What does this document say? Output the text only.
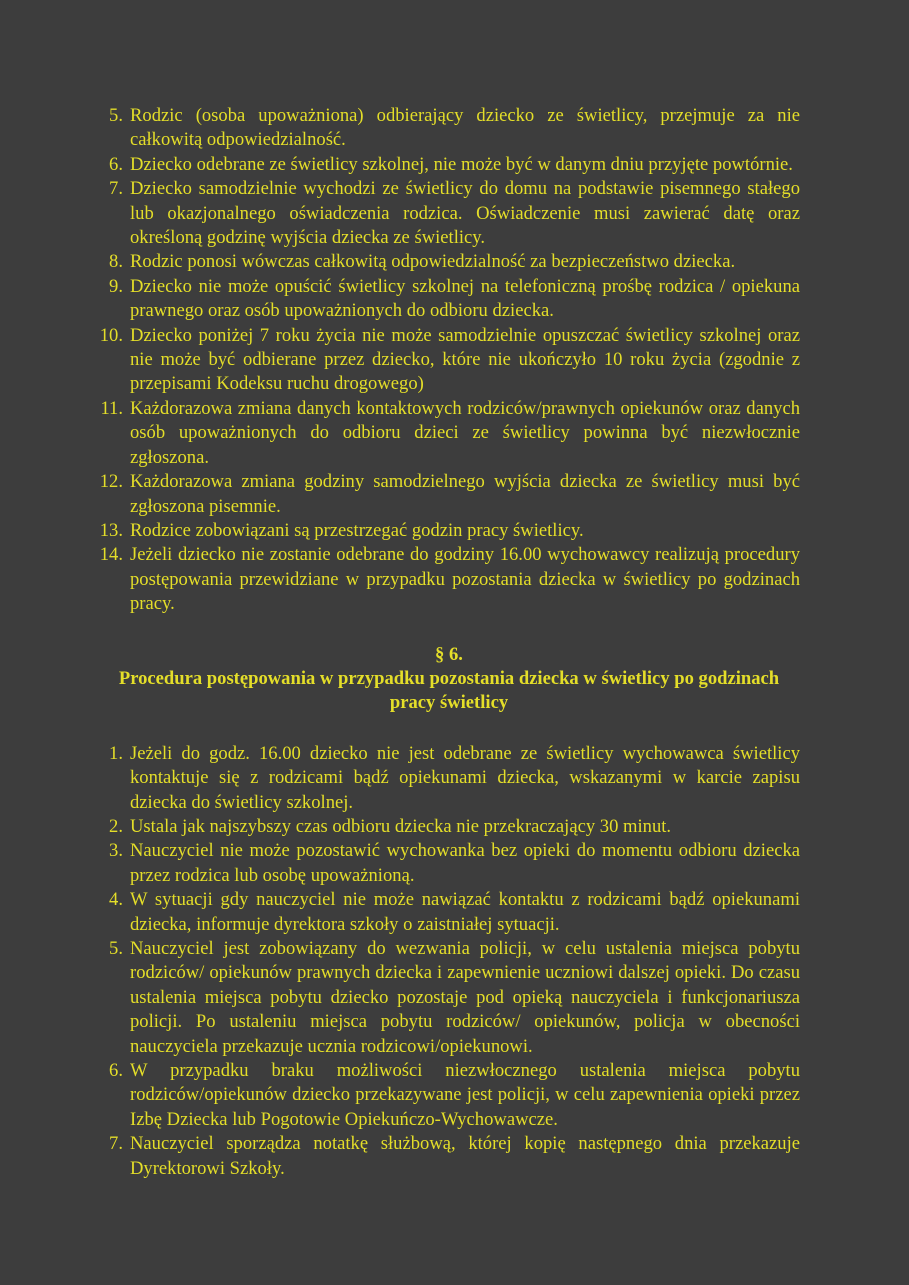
5. Rodzic (osoba upoważniona) odbierający dziecko ze świetlicy, przejmuje za nie całkowitą odpowiedzialność.
6. Dziecko odebrane ze świetlicy szkolnej, nie może być w danym dniu przyjęte powtórnie.
7. Dziecko samodzielnie wychodzi ze świetlicy do domu na podstawie pisemnego stałego lub okazjonalnego oświadczenia rodzica. Oświadczenie musi zawierać datę oraz określoną godzinę wyjścia dziecka ze świetlicy.
8. Rodzic ponosi wówczas całkowitą odpowiedzialność za bezpieczeństwo dziecka.
9. Dziecko nie może opuścić świetlicy szkolnej na telefoniczną prośbę rodzica / opiekuna prawnego oraz osób upoważnionych do odbioru dziecka.
10. Dziecko poniżej 7 roku życia nie może samodzielnie opuszczać świetlicy szkolnej oraz nie może być odbierane przez dziecko, które nie ukończyło 10 roku życia (zgodnie z przepisami Kodeksu ruchu drogowego)
11. Każdorazowa zmiana danych kontaktowych rodziców/prawnych opiekunów oraz danych osób upoważnionych do odbioru dzieci ze świetlicy powinna być niezwłocznie zgłoszona.
12. Każdorazowa zmiana godziny samodzielnego wyjścia dziecka ze świetlicy musi być zgłoszona pisemnie.
13. Rodzice zobowiązani są przestrzegać godzin pracy świetlicy.
14. Jeżeli dziecko nie zostanie odebrane do godziny 16.00 wychowawcy realizują procedury postępowania przewidziane w przypadku pozostania dziecka w świetlicy po godzinach pracy.
§ 6.
Procedura postępowania w przypadku pozostania dziecka w świetlicy po godzinach
pracy świetlicy
1. Jeżeli do godz. 16.00 dziecko nie jest odebrane ze świetlicy wychowawca świetlicy kontaktuje się z rodzicami bądź opiekunami dziecka, wskazanymi w karcie zapisu dziecka do świetlicy szkolnej.
2. Ustala jak najszybszy czas odbioru dziecka nie przekraczający 30 minut.
3. Nauczyciel nie może pozostawić wychowanka bez opieki do momentu odbioru dziecka przez rodzica lub osobę upoważnioną.
4. W sytuacji gdy nauczyciel nie może nawiązać kontaktu z rodzicami bądź opiekunami dziecka, informuje dyrektora szkoły o zaistniałej sytuacji.
5. Nauczyciel jest zobowiązany do wezwania policji, w celu ustalenia miejsca pobytu rodziców/ opiekunów prawnych dziecka i zapewnienie uczniowi dalszej opieki. Do czasu ustalenia miejsca pobytu dziecko pozostaje pod opieką nauczyciela i funkcjonariusza policji. Po ustaleniu miejsca pobytu rodziców/ opiekunów, policja w obecności nauczyciela przekazuje ucznia rodzicowi/opiekunowi.
6. W przypadku braku możliwości niezwłocznego ustalenia miejsca pobytu rodziców/opiekunów dziecko przekazywane jest policji, w celu zapewnienia opieki przez Izbę Dziecka lub Pogotowie Opiekuńczo-Wychowawcze.
7. Nauczyciel sporządza notatkę służbową, której kopię następnego dnia przekazuje Dyrektorowi Szkoły.
